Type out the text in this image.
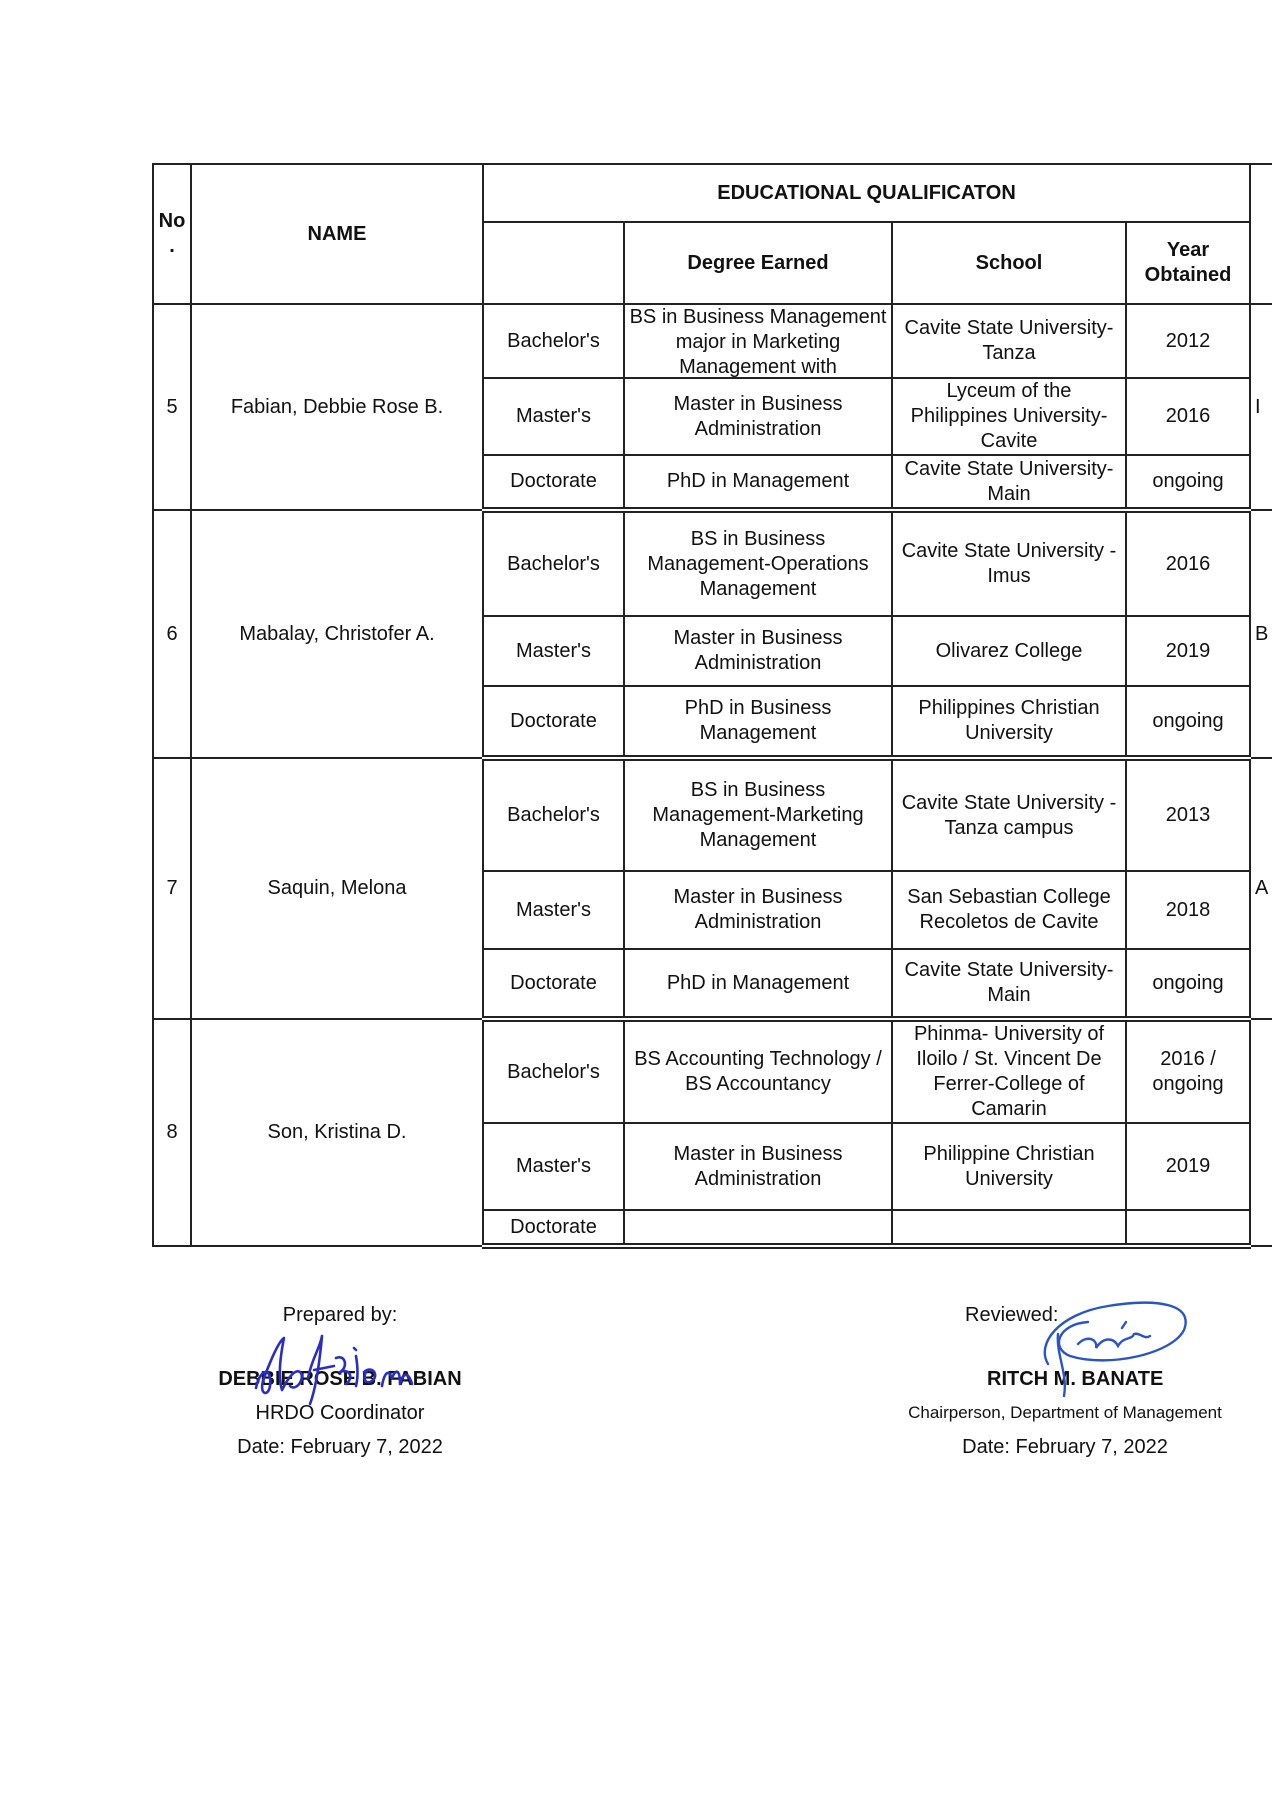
No .	NAME	EDUCATIONAL QUALIFICATON				
			Degree Earned	School	Year Obtained	
5	Fabian, Debbie Rose B.	Bachelor's	BS in Business Management major in Marketing Management with	Cavite State University-Tanza	2012	I
		Master's	Master in Business Administration	Lyceum of the Philippines University-Cavite	2016	
		Doctorate	PhD in Management	Cavite State University-Main	ongoing	
6	Mabalay, Christofer A.	Bachelor's	BS in Business Management-Operations Management	Cavite State University - Imus	2016	B
		Master's	Master in Business Administration	Olivarez College	2019	
		Doctorate	PhD in Business Management	Philippines Christian University	ongoing	
7	Saquin, Melona	Bachelor's	BS in Business Management-Marketing Management	Cavite State University - Tanza campus	2013	A
		Master's	Master in Business Administration	San Sebastian College Recoletos de Cavite	2018	
		Doctorate	PhD in Management	Cavite State University-Main	ongoing	
8	Son, Kristina D.	Bachelor's	BS Accounting Technology / BS Accountancy	Phinma- University of Iloilo / St. Vincent De Ferrer-College of Camarin	2016 / ongoing	
		Master's	Master in Business Administration	Philippine Christian University	2019	
		Doctorate				
Prepared by:
DEBBIE ROSE B. FABIAN
HRDO Coordinator
Date: February 7, 2022
Reviewed:
RITCH M. BANATE
Chairperson, Department of Management
Date: February 7, 2022
